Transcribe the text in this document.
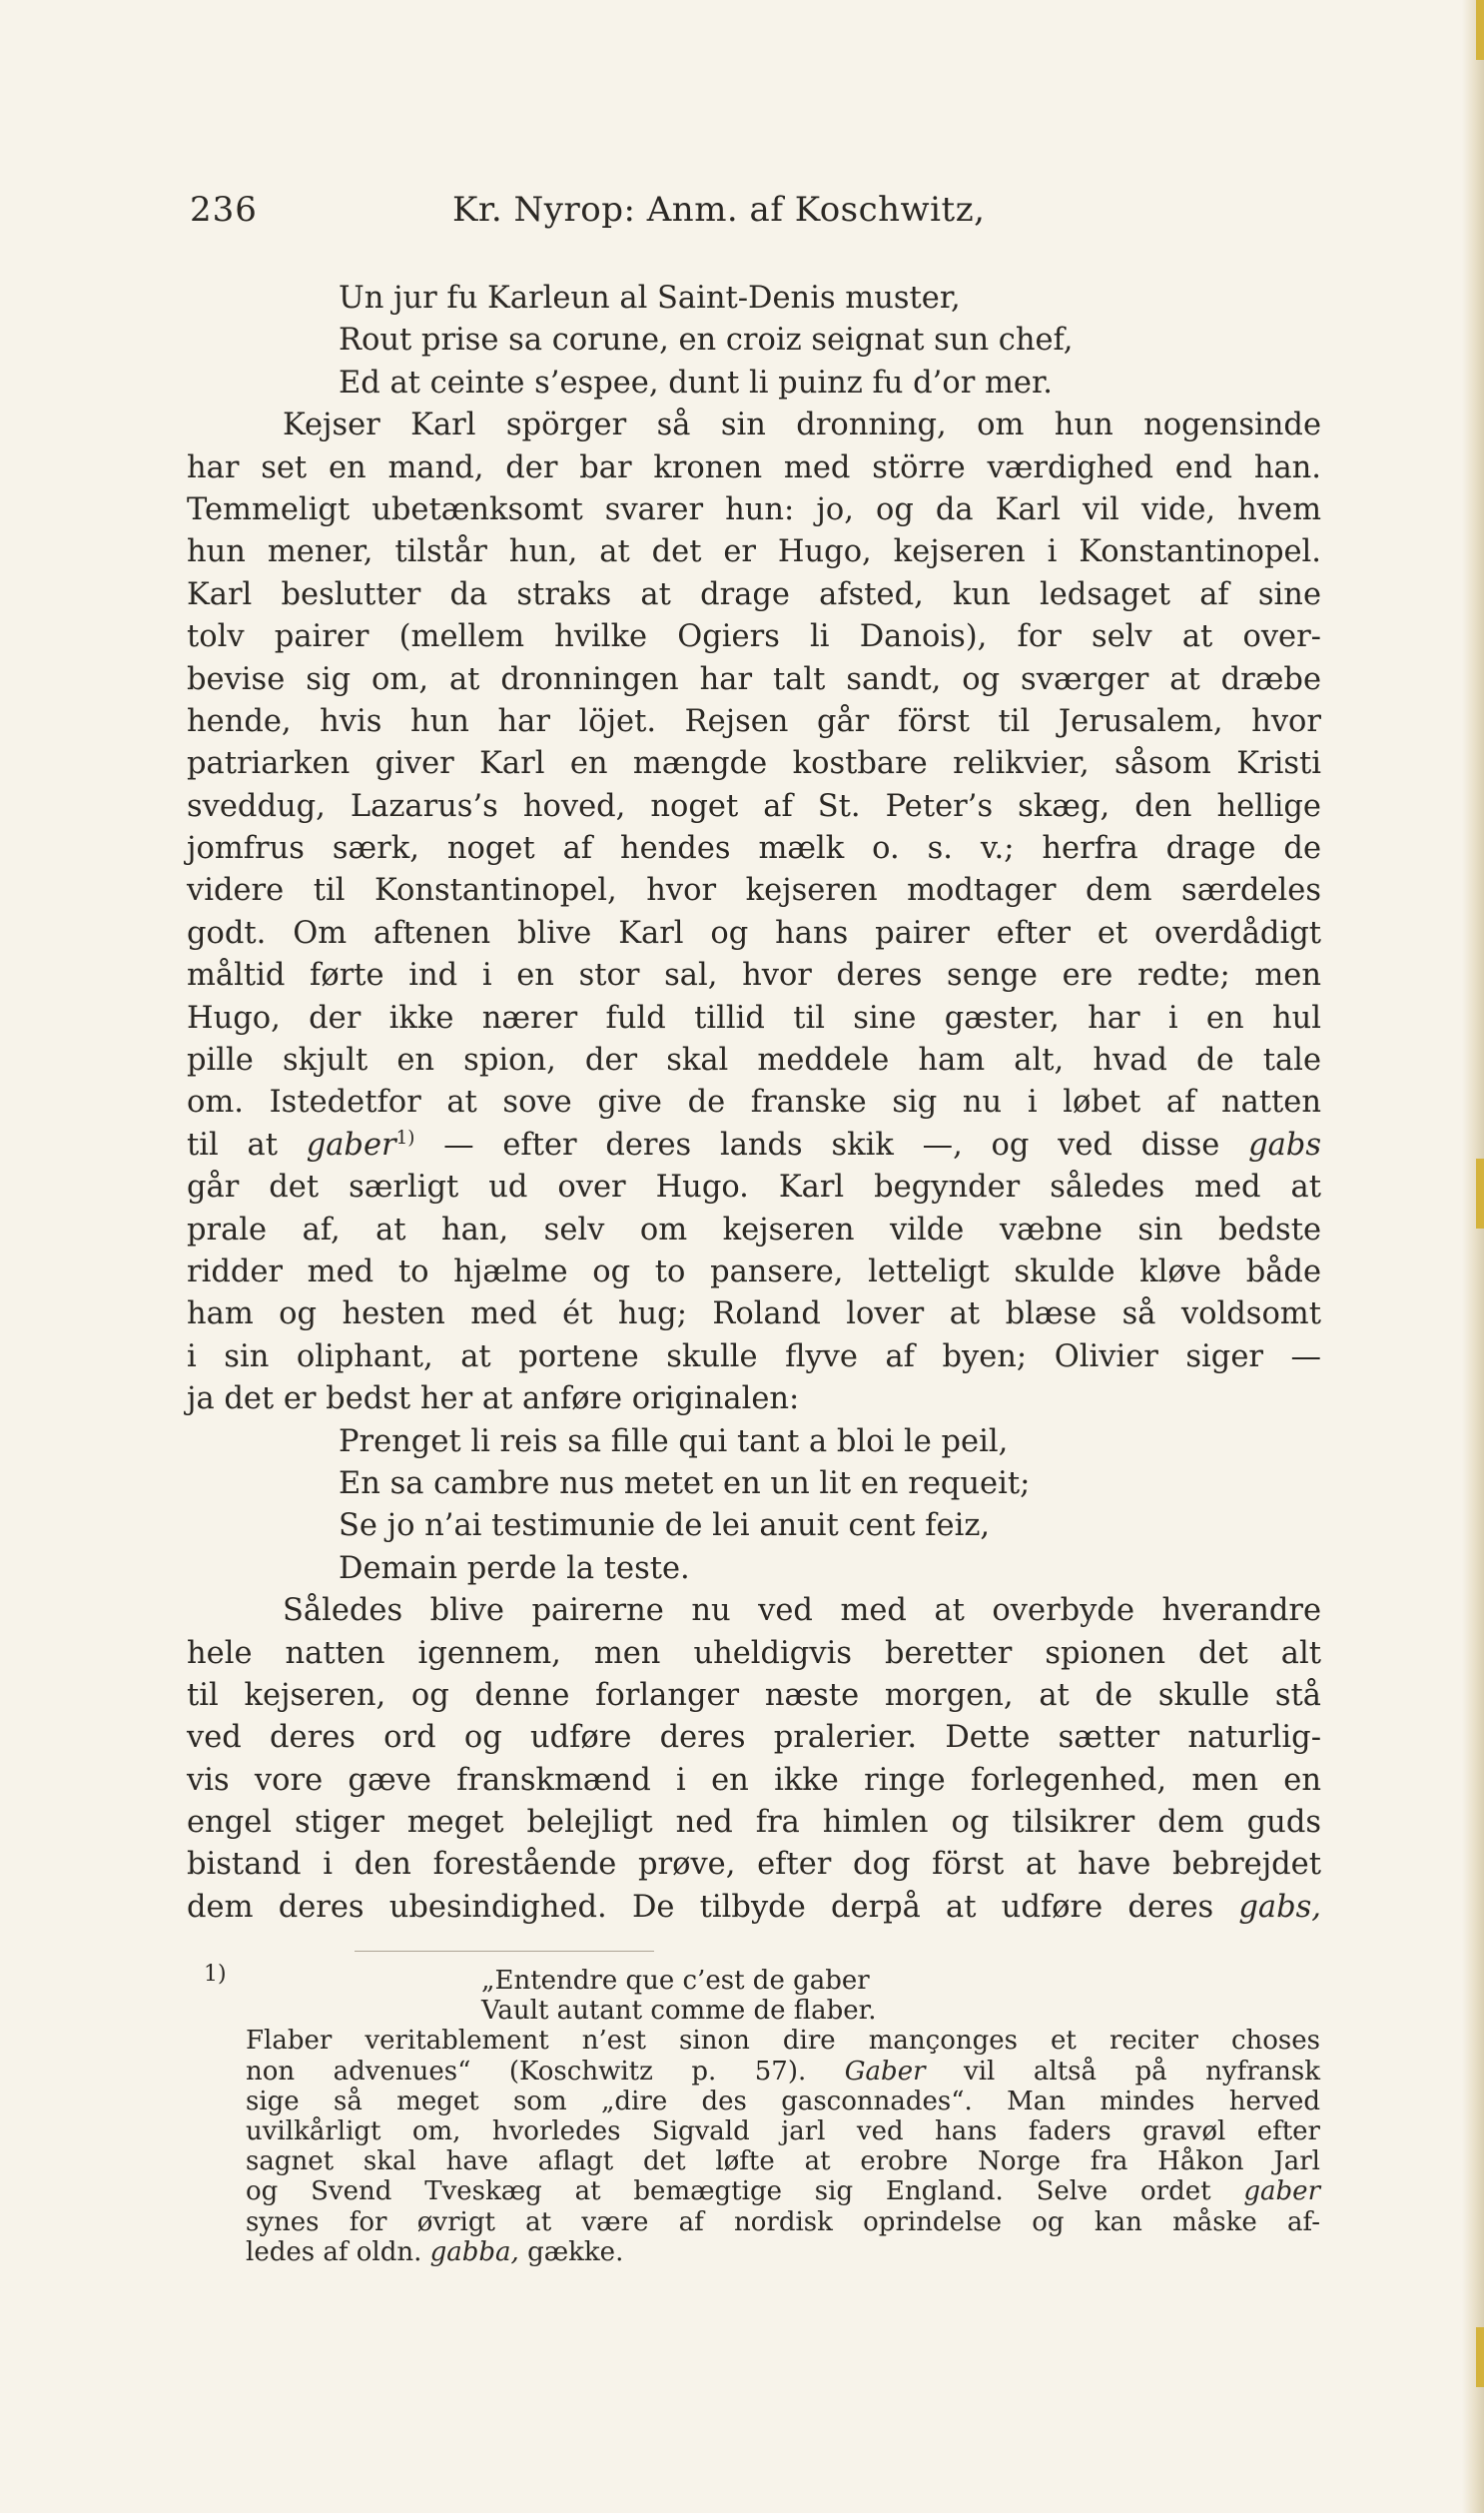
236	Kr. Nyrop: Anm. af Koschwitz,
Un jur fu Karleun al Saint-Denis muster,
Rout prise sa corune, en croiz seignat sun chef,
Ed at ceinte s’espee, dunt li puinz fu d’or mer.
Kejser Karl spörger så sin dronning, om hun nogensinde
har set en mand, der bar kronen med större værdighed end han.
Temmeligt ubetænksomt svarer hun: jo, og da Karl vil vide, hvem
hun mener, tilstår hun, at det er Hugo, kejseren i Konstantinopel.
Karl beslutter da straks at drage afsted, kun ledsaget af sine
tolv pairer (mellem hvilke Ogiers li Danois), for selv at over-
bevise sig om, at dronningen har talt sandt, og sværger at dræbe
hende, hvis hun har löjet. Rejsen går först til Jerusalem, hvor
patriarken giver Karl en mængde kostbare relikvier, såsom Kristi
sveddug, Lazarus’s hoved, noget af St. Peter’s skæg, den hellige
jomfrus særk, noget af hendes mælk o. s. v.; herfra drage de
videre til Konstantinopel, hvor kejseren modtager dem særdeles
godt. Om aftenen blive Karl og hans pairer efter et overdådigt
måltid førte ind i en stor sal, hvor deres senge ere redte; men
Hugo, der ikke nærer fuld tillid til sine gæster, har i en hul
pille skjult en spion, der skal meddele ham alt, hvad de tale
om. Istedetfor at sove give de franske sig nu i løbet af natten
til at gaber$^{1)}$ — efter deres lands skik —, og ved disse gabs
går det særligt ud over Hugo. Karl begynder således med at
prale af, at han, selv om kejseren vilde væbne sin bedste
ridder med to hjælme og to pansere, letteligt skulde kløve både
ham og hesten med ét hug; Roland lover at blæse så voldsomt
i sin oliphant, at portene skulle flyve af byen; Olivier siger —
ja det er bedst her at anføre originalen:
Prenget li reis sa fille qui tant a bloi le peil,
En sa cambre nus metet en un lit en requeit;
Se jo n’ai testimunie de lei anuit cent feiz,
Demain perde la teste.
Således blive pairerne nu ved med at overbyde hverandre
hele natten igennem, men uheldigvis beretter spionen det alt
til kejseren, og denne forlanger næste morgen, at de skulle stå
ved deres ord og udføre deres pralerier. Dette sætter naturlig-
vis vore gæve franskmænd i en ikke ringe forlegenhed, men en
engel stiger meget belejligt ned fra himlen og tilsikrer dem guds
bistand i den forestående prøve, efter dog först at have bebrejdet
dem deres ubesindighed. De tilbyde derpå at udføre deres gabs,
1)	„Entendre que c’est de gaber
Vault autant comme de flaber.
Flaber veritablement n’est sinon dire mançonges et reciter choses
non advenues“ (Koschwitz p. 57). Gaber vil altså på nyfransk
sige så meget som „dire des gasconnades“. Man mindes herved
uvilkårligt om, hvorledes Sigvald jarl ved hans faders gravøl efter
sagnet skal have aflagt det løfte at erobre Norge fra Håkon Jarl
og Svend Tveskæg at bemægtige sig England. Selve ordet gaber
synes for øvrigt at være af nordisk oprindelse og kan måske af-
ledes af oldn. gabba, gække.
